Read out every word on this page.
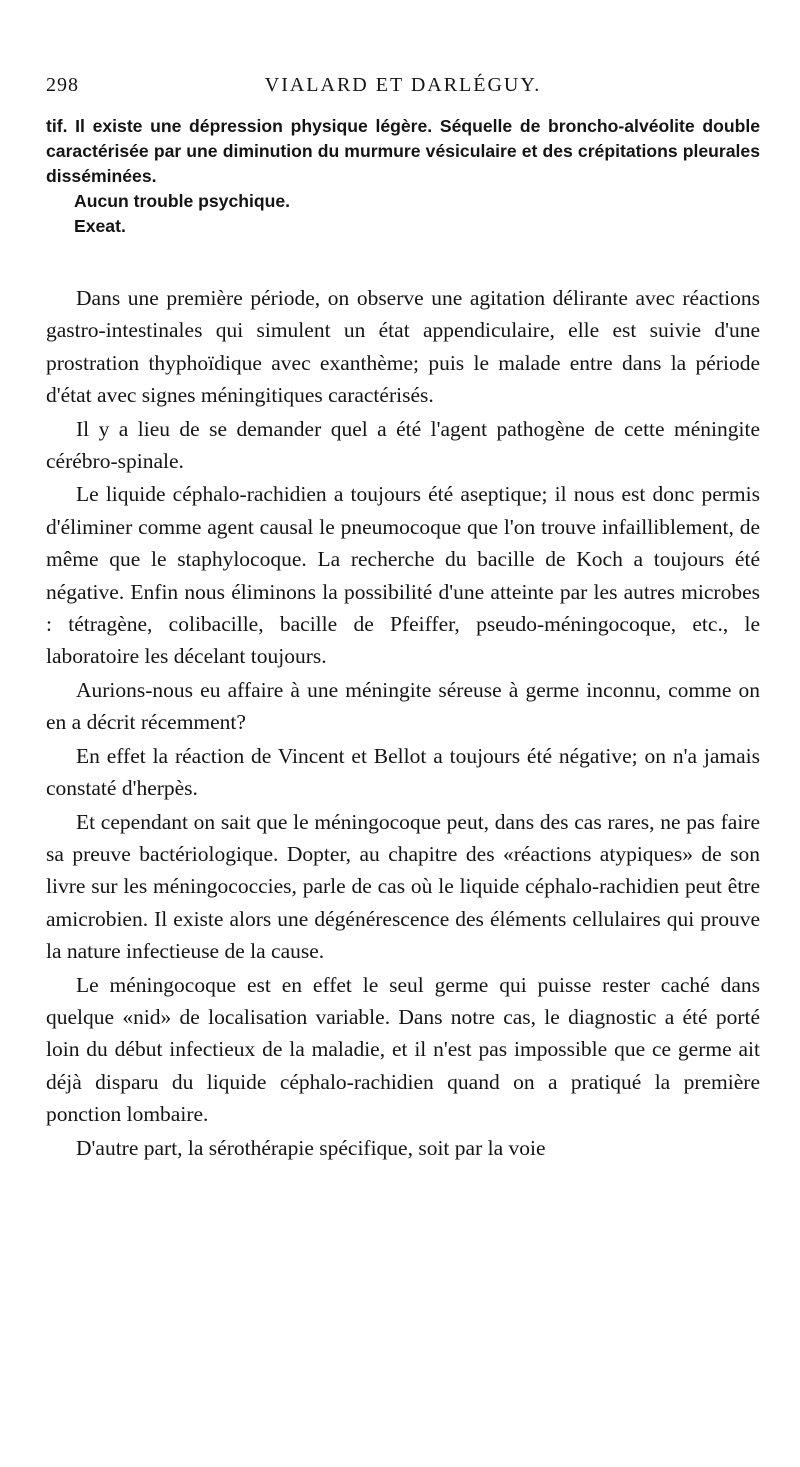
298	VIALARD ET DARLÉGUY.

tif. Il existe une dépression physique légère. Séquelle de broncho-alvéolite double caractérisée par une diminution du murmure vésiculaire et des crépitations pleurales disséminées.

Aucun trouble psychique.

Exeat.

Dans une première période, on observe une agitation délirante avec réactions gastro-intestinales qui simulent un état appendiculaire, elle est suivie d'une prostration thyphoïdique avec exanthème; puis le malade entre dans la période d'état avec signes méningitiques caractérisés.

Il y a lieu de se demander quel a été l'agent pathogène de cette méningite cérébro-spinale.

Le liquide céphalo-rachidien a toujours été aseptique; il nous est donc permis d'éliminer comme agent causal le pneumocoque que l'on trouve infailliblement, de même que le staphylocoque. La recherche du bacille de Koch a toujours été négative. Enfin nous éliminons la possibilité d'une atteinte par les autres microbes : tétragène, colibacille, bacille de Pfeiffer, pseudo-méningocoque, etc., le laboratoire les décelant toujours.

Aurions-nous eu affaire à une méningite séreuse à germe inconnu, comme on en a décrit récemment?

En effet la réaction de Vincent et Bellot a toujours été négative; on n'a jamais constaté d'herpès.

Et cependant on sait que le méningocoque peut, dans des cas rares, ne pas faire sa preuve bactériologique. Dopter, au chapitre des «réactions atypiques» de son livre sur les méningococcies, parle de cas où le liquide céphalo-rachidien peut être amicrobien. Il existe alors une dégénérescence des éléments cellulaires qui prouve la nature infectieuse de la cause.

Le méningocoque est en effet le seul germe qui puisse rester caché dans quelque «nid» de localisation variable. Dans notre cas, le diagnostic a été porté loin du début infectieux de la maladie, et il n'est pas impossible que ce germe ait déjà disparu du liquide céphalo-rachidien quand on a pratiqué la première ponction lombaire.

D'autre part, la sérothérapie spécifique, soit par la voie
